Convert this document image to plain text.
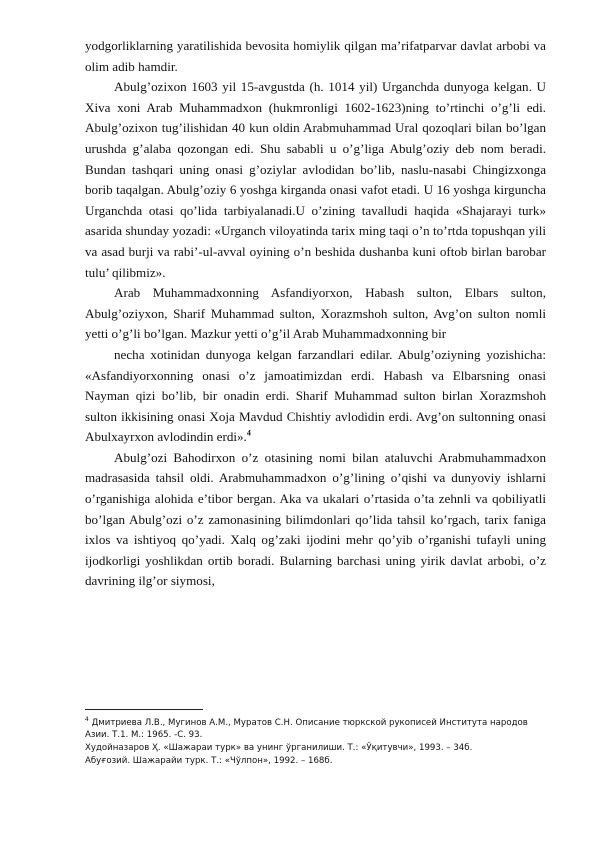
yodgorliklarning yaratilishida bevosita homiylik qilgan ma’rifatparvar davlat arbobi va olim adib hamdir.

Abulg’ozixon 1603 yil 15-avgustda (h. 1014 yil) Urganchda dunyoga kelgan. U Xiva xoni Arab Muhammadxon (hukmronligi 1602-1623)ning to’rtinchi o’g’li edi. Abulg’ozixon tug’ilishidan 40 kun oldin Arabmuhammad Ural qozoqlari bilan bo’lgan urushda g’alaba qozongan edi. Shu sababli u o’g’liga Abulg’oziy deb nom beradi. Bundan tashqari uning onasi g’oziylar avlodidan bo’lib, naslu-nasabi Chingizxonga borib taqalgan. Abulg’oziy 6 yoshga kirganda onasi vafot etadi. U 16 yoshga kirguncha Urganchda otasi qo’lida tarbiyalanadi.U o’zining tavalludi haqida «Shajarayi turk» asarida shunday yozadi: «Urganch viloyatinda tarix ming taqi o’n to’rtda topushqan yili va asad burji va rabi’-ul-avval oyining o’n beshida dushanba kuni oftob birlan barobar tulu’ qilibmiz».

Arab Muhammadxonning Asfandiyorxon, Habash sulton, Elbars sulton, Abulg’oziyxon, Sharif Muhammad sulton, Xorazmshoh sulton, Avg’on sulton nomli yetti o’g’li bo’lgan. Mazkur yetti o’g’il Arab Muhammadxonning bir

necha xotinidan dunyoga kelgan farzandlari edilar. Abulg’oziyning yozishicha: «Asfandiyorxonning onasi o’z jamoatimizdan erdi. Habash va Elbarsning onasi Nayman qizi bo’lib, bir onadin erdi. Sharif Muhammad sulton birlan Xorazmshoh sulton ikkisining onasi Xoja Mavdud Chishtiy avlodidin erdi. Avg’on sultonning onasi Abulxayrxon avlodindin erdi».$^4$

Abulg’ozi Bahodirxon o’z otasining nomi bilan ataluvchi Arabmuhammadxon madrasasida tahsil oldi. Arabmuhammadxon o’g’lining o’qishi va dunyoviy ishlarni o’rganishiga alohida e’tibor bergan. Aka va ukalari o’rtasida o’ta zehnli va qobiliyatli bo’lgan Abulg’ozi o’z zamonasining bilimdonlari qo’lida tahsil ko’rgach, tarix faniga ixlos va ishtiyoq qo’yadi. Xalq og’zaki ijodini mehr qo’yib o’rganishi tufayli uning ijodkorligi yoshlikdan ortib boradi. Bularning barchasi uning yirik davlat arbobi, o’z davrining ilg’or siymosi,

$^4$ Дмитриева Л.В., Мугинов А.М., Муратов С.Н. Описание тюркской рукописей Института народов Азии. Т.1. М.: 1965. -С. 93.
Худойназаров Ҳ. «Шажараи турк» ва унинг ўрганилиши. Т.: «Ўқитувчи», 1993. – 34б.
Абуғозий. Шажарайи турк. Т.: «Чўлпон», 1992. – 168б.
